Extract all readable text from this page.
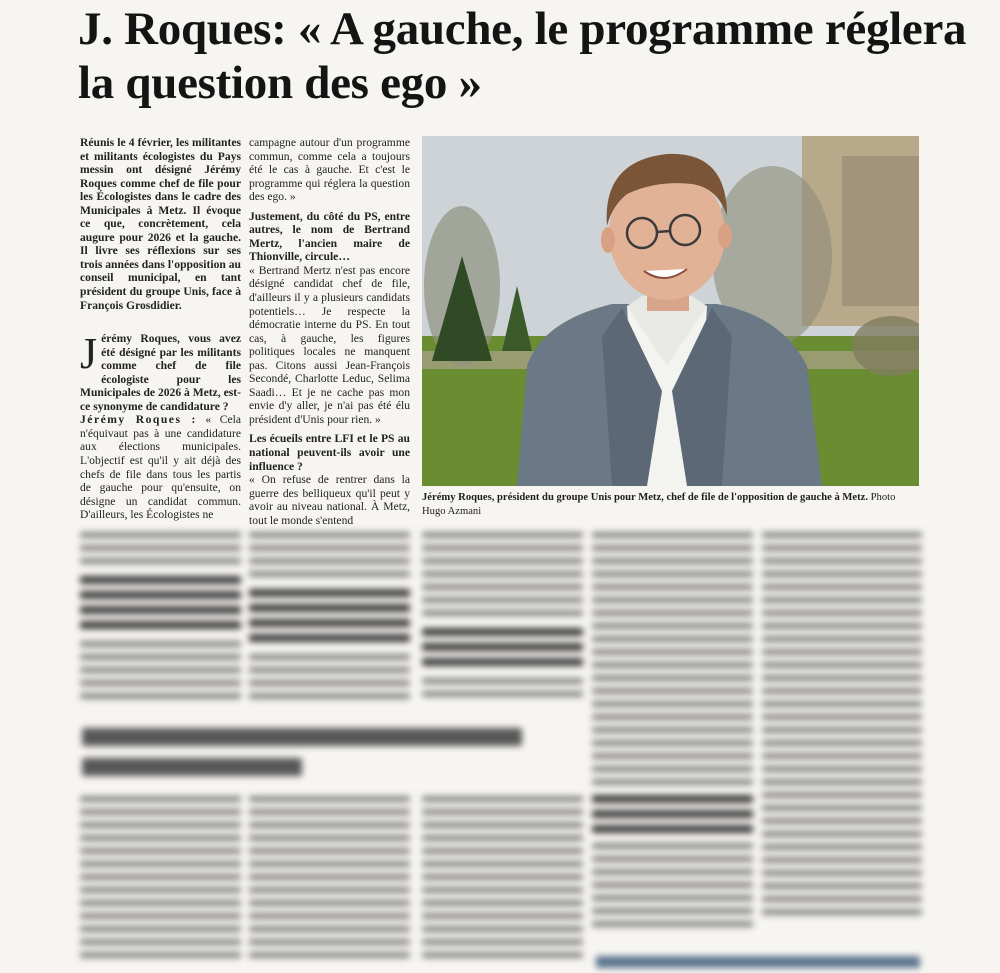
J. Roques: « A gauche, le programme réglera la question des ego »

Réunis le 4 février, les militantes et militants écologistes du Pays messin ont désigné Jérémy Roques comme chef de file pour les Écologistes dans le cadre des Municipales à Metz. Il évoque ce que, concrètement, cela augure pour 2026 et la gauche. Il livre ses réflexions sur ses trois années dans l'opposition au conseil municipal, en tant président du groupe Unis, face à François Grosdidier.

Jérémy Roques, vous avez été désigné par les militants comme chef de file écologiste pour les Municipales de 2026 à Metz, est-ce synonyme de candidature ?

Jérémy Roques : « Cela n'équivaut pas à une candidature aux élections municipales. L'objectif est qu'il y ait déjà des chefs de file dans tous les partis de gauche pour qu'ensuite, on désigne un candidat commun. D'ailleurs, les Écologistes ne

campagne autour d'un programme commun, comme cela a toujours été le cas à gauche. Et c'est le programme qui réglera la question des ego. »

Justement, du côté du PS, entre autres, le nom de Bertrand Mertz, l'ancien maire de Thionville, circule…

« Bertrand Mertz n'est pas encore désigné candidat chef de file, d'ailleurs il y a plusieurs candidats potentiels… Je respecte la démocratie interne du PS. En tout cas, à gauche, les figures politiques locales ne manquent pas. Citons aussi Jean-François Secondé, Charlotte Leduc, Selima Saadi… Et je ne cache pas mon envie d'y aller, je n'ai pas été élu président d'Unis pour rien. »

Les écueils entre LFI et le PS au national peuvent-ils avoir une influence ?

« On refuse de rentrer dans la guerre des belliqueux qu'il peut y avoir au niveau national. À Metz, tout le monde s'entend

Jérémy Roques, président du groupe Unis pour Metz, chef de file de l'opposition de gauche à Metz. Photo Hugo Azmani
